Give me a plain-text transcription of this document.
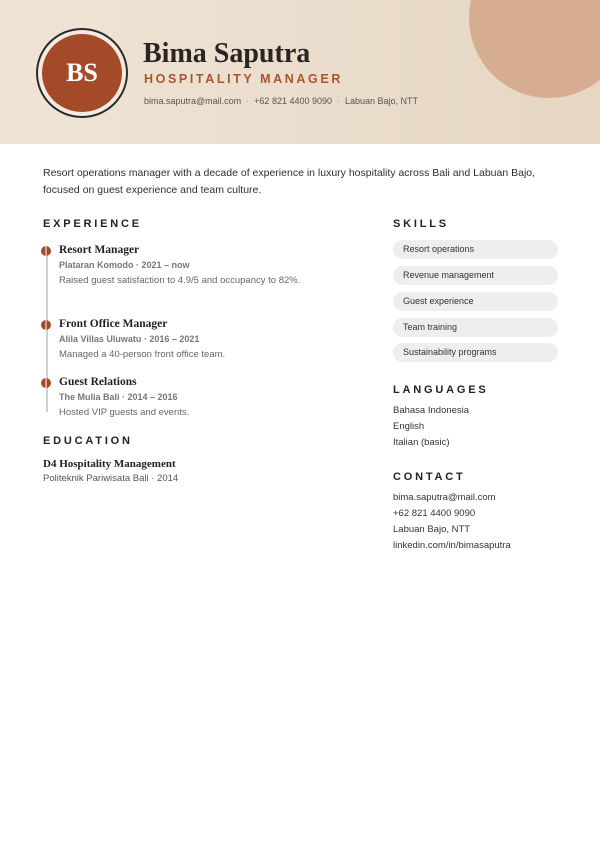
BS
Bima Saputra
HOSPITALITY MANAGER
bima.saputra@mail.com · +62 821 4400 9090 · Labuan Bajo, NTT
Resort operations manager with a decade of experience in luxury hospitality across Bali and Labuan Bajo, focused on guest experience and team culture.
EXPERIENCE
Resort Manager
Plataran Komodo · 2021 – now
Raised guest satisfaction to 4.9/5 and occupancy to 82%.
Front Office Manager
Alila Villas Uluwatu · 2016 – 2021
Managed a 40-person front office team.
Guest Relations
The Mulia Bali · 2014 – 2016
Hosted VIP guests and events.
EDUCATION
D4 Hospitality Management
Politeknik Pariwisata Bali · 2014
SKILLS
Resort operations
Revenue management
Guest experience
Team training
Sustainability programs
LANGUAGES
Bahasa Indonesia
English
Italian (basic)
CONTACT
bima.saputra@mail.com
+62 821 4400 9090
Labuan Bajo, NTT
linkedin.com/in/bimasaputra
